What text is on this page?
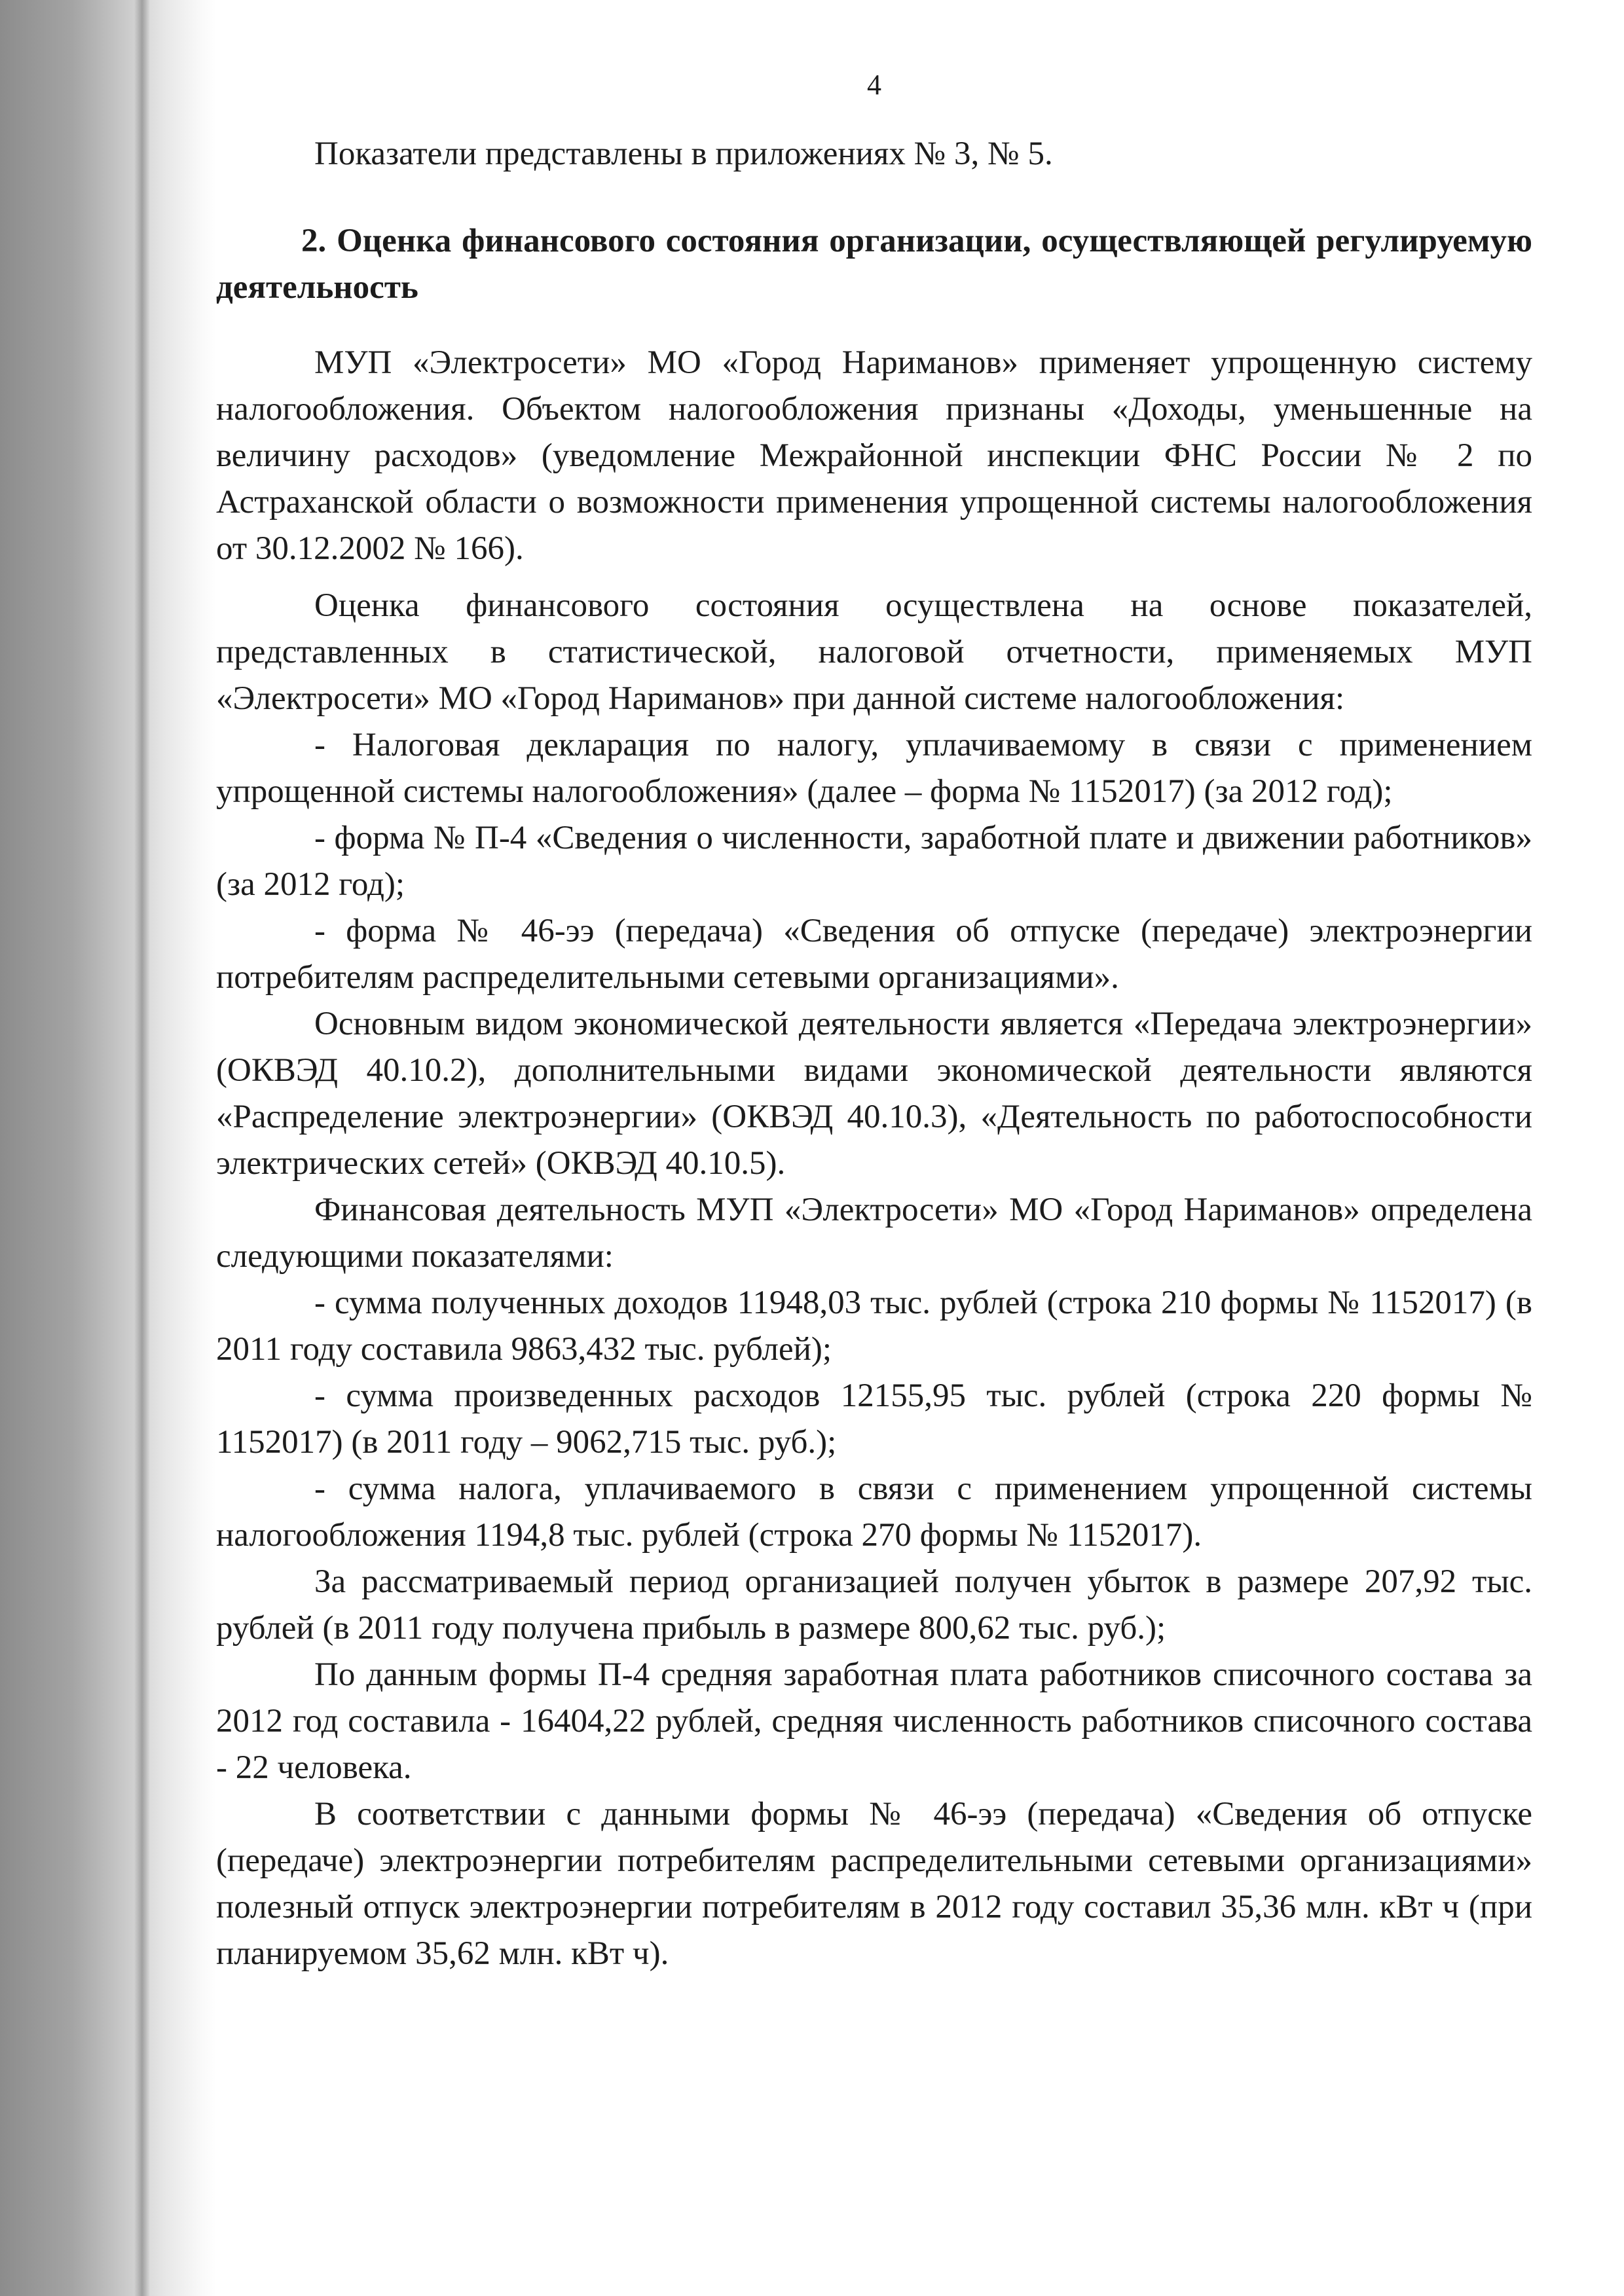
4

Показатели представлены в приложениях № 3, № 5.

2. Оценка финансового состояния организации, осуществляющей регулируемую деятельность

МУП «Электросети» МО «Город Нариманов» применяет упрощенную систему налогообложения. Объектом налогообложения признаны «Доходы, уменьшенные на величину расходов» (уведомление Межрайонной инспекции ФНС России № 2 по Астраханской области о возможности применения упрощенной системы налогообложения от 30.12.2002 № 166).

Оценка финансового состояния осуществлена на основе показателей, представленных в статистической, налоговой отчетности, применяемых МУП «Электросети» МО «Город Нариманов» при данной системе налогообложения:

- Налоговая декларация по налогу, уплачиваемому в связи с применением упрощенной системы налогообложения» (далее – форма № 1152017) (за 2012 год);

- форма № П-4 «Сведения о численности, заработной плате и движении работников» (за 2012 год);

- форма № 46-ээ (передача) «Сведения об отпуске (передаче) электроэнергии потребителям распределительными сетевыми организациями».

Основным видом экономической деятельности является «Передача электроэнергии» (ОКВЭД 40.10.2), дополнительными видами экономической деятельности являются «Распределение электроэнергии» (ОКВЭД 40.10.3), «Деятельность по работоспособности электрических сетей» (ОКВЭД 40.10.5).

Финансовая деятельность МУП «Электросети» МО «Город Нариманов» определена следующими показателями:

- сумма полученных доходов 11948,03 тыс. рублей (строка 210 формы № 1152017) (в 2011 году составила 9863,432 тыс. рублей);

- сумма произведенных расходов 12155,95 тыс. рублей (строка 220 формы № 1152017) (в 2011 году – 9062,715 тыс. руб.);

- сумма налога, уплачиваемого в связи с применением упрощенной системы налогообложения 1194,8 тыс. рублей (строка 270 формы № 1152017).

За рассматриваемый период организацией получен убыток в размере 207,92 тыс. рублей (в 2011 году получена прибыль в размере 800,62 тыс. руб.);

По данным формы П-4 средняя заработная плата работников списочного состава за 2012 год составила - 16404,22 рублей, средняя численность работников списочного состава - 22 человека.

В соответствии с данными формы № 46-ээ (передача) «Сведения об отпуске (передаче) электроэнергии потребителям распределительными сетевыми организациями» полезный отпуск электроэнергии потребителям в 2012 году составил 35,36 млн. кВт ч (при планируемом 35,62 млн. кВт ч).
